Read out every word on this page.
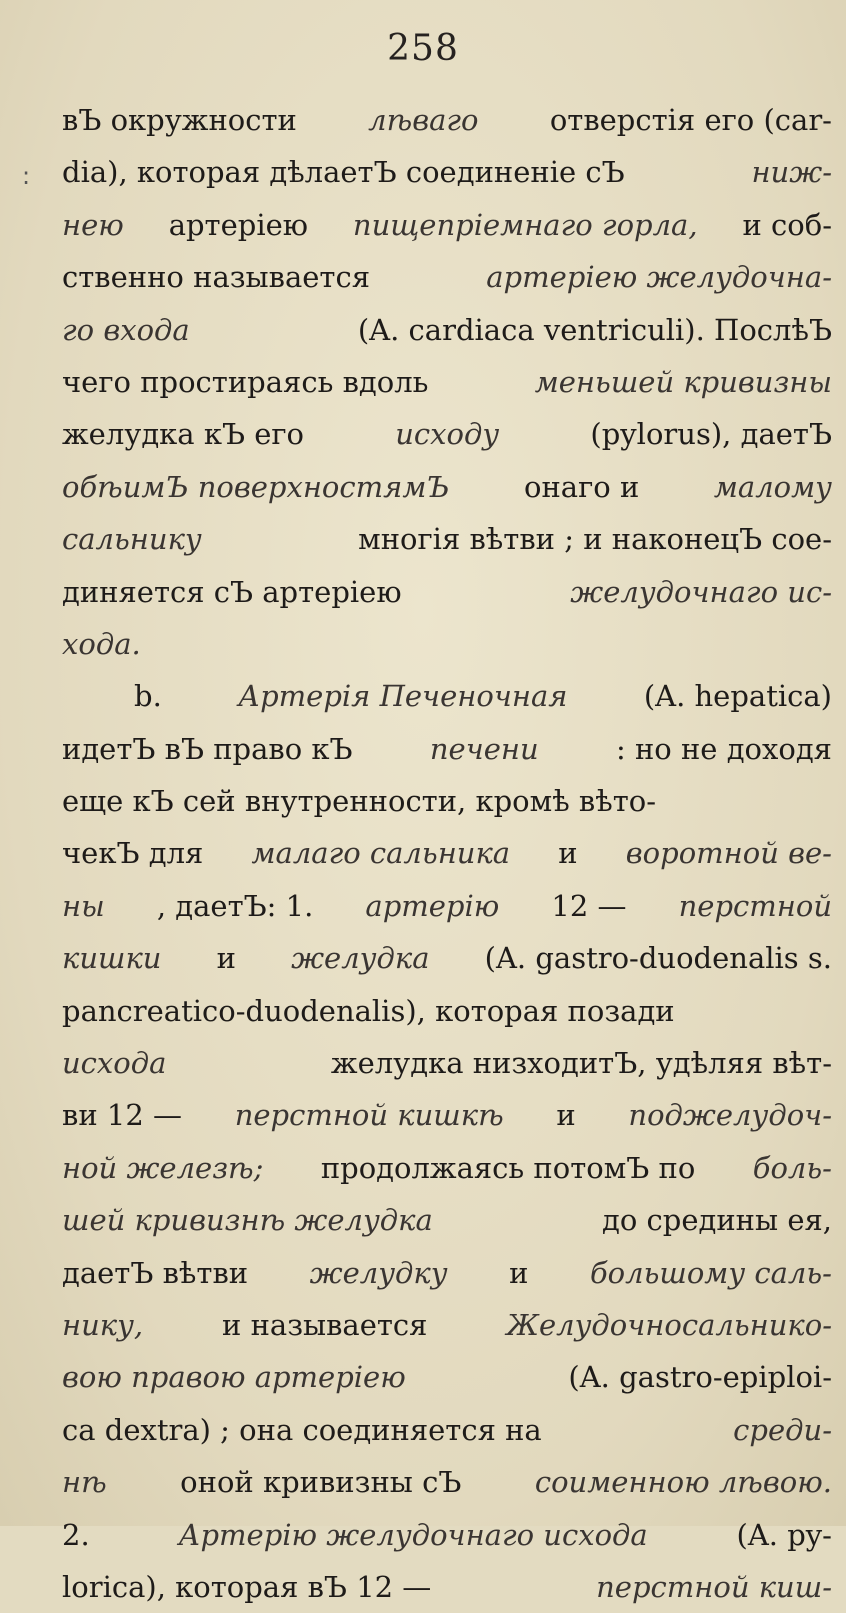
258
:
вЪ окружности лѣваго отверстія его (car-
dia), которая дѣлаетЪ соединеніе сЪ	ниж-
нею артеріею пищепріемнаго горла, и соб-
ственно называется	артеріею желудочна-
го входа	(A. cardiaca ventriculi). ПослѣЪ
чего простираясь вдоль	меньшей кривизны
желудка кЪ его	исходу	(pylorus), даетЪ
обѣимЪ поверхностямЪ	онаго и	малому
сальнику	многія вѣтви ; и наконецЪ сое-
диняется сЪ артеріею	желудочнаго ис-
хода.
b.	Артерія Печеночная	(A. hepatica)
идетЪ вЪ право кЪ	печени	: но не доходя
еще кЪ сей внутренности, кромѣ вѣто-
чекЪ для малаго сальника и воротной ве-
ны , даетЪ: 1. артерію 12 — перстной
кишки и желудка (A. gastro-duodenalis s.
pancreatico-duodenalis), которая позади
исхода	желудка низходитЪ, удѣляя вѣт-
ви 12 — перстной кишкѣ и поджелудоч-
ной железѣ; продолжаясь потомЪ по боль-
шей кривизнѣ желудка	до средины ея,
даетЪ вѣтви желудку и большому саль-
нику,	и называется	Желудочносальнико-
вою правою артеріею	(A. gastro-epiploi-
ca dextra) ; она соединяется на	среди-
нѣ	оной кривизны сЪ	соименною лѣвою.
2.	Артерію желудочнаго исхода	(A. py-
lorica), которая вЪ 12 —	перстной киш-
